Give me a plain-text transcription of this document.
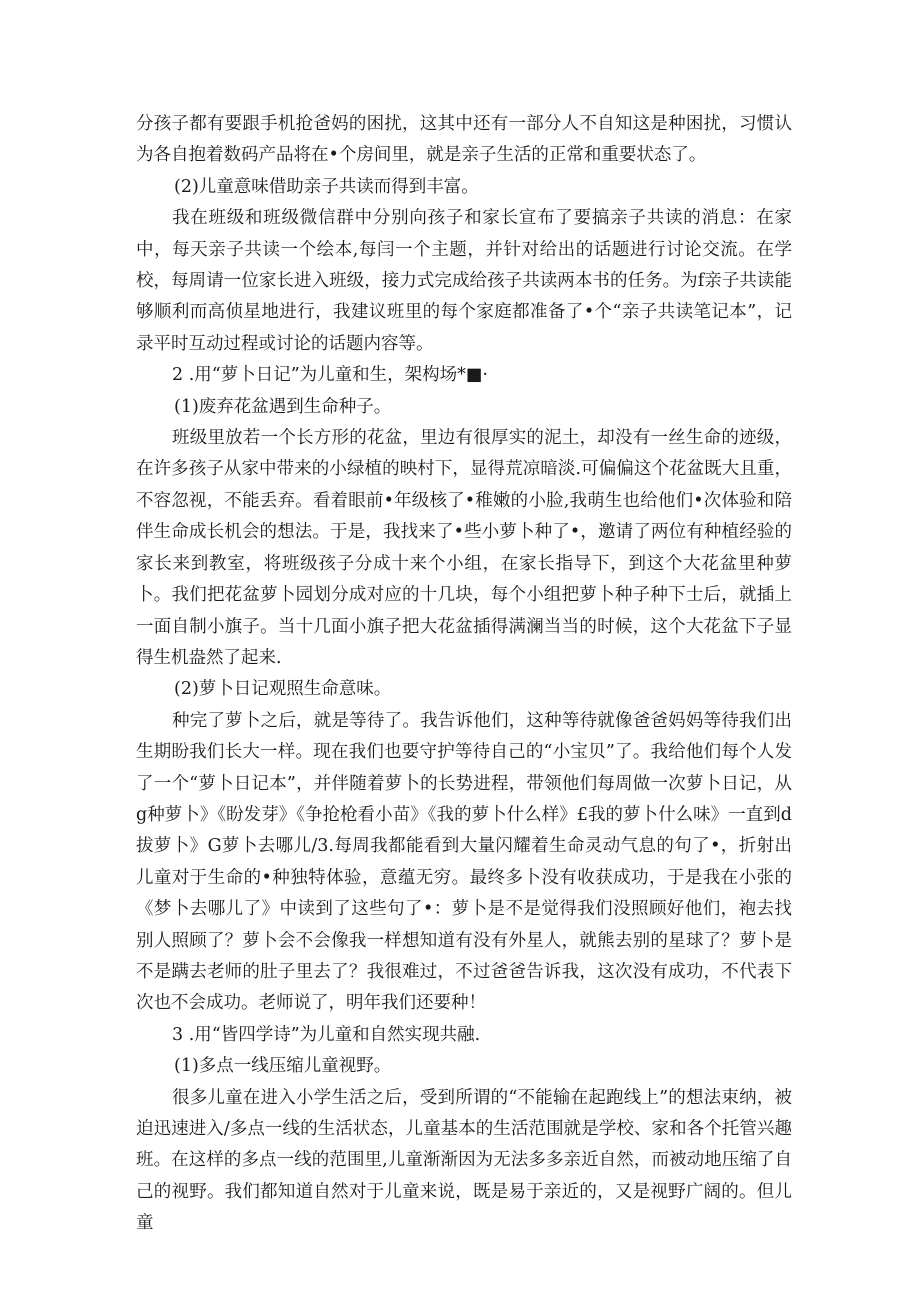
分孩子都有要跟手机抢爸妈的困扰，这其中还有一部分人不自知这是种困扰，习惯认为各自抱着数码产品将在•个房间里，就是亲子生活的正常和重要状态了。

(2)儿童意味借助亲子共读而得到丰富。

我在班级和班级微信群中分别向孩子和家长宣布了要搞亲子共读的消息：在家中，每天亲子共读一个绘本,每闫一个主题，并针对给出的话题进行讨论交流。在学校，每周请一位家长进入班级，接力式完成给孩子共读两本书的任务。为f亲子共读能够顺利而高侦星地进行，我建议班里的每个家庭都准备了•个“亲子共读笔记本”，记录平时互动过程或讨论的话题内容等。

2 .用“萝卜日记”为儿童和生，架构场*■·

(1)废弃花盆遇到生命种子。

班级里放若一个长方形的花盆，里边有很厚实的泥土，却没有一丝生命的迹级，在许多孩子从家中带来的小绿植的映村下，显得荒凉暗淡.可偏偏这个花盆既大且重，不容忽视，不能丢弃。看着眼前•年级核了•稚嫩的小脸,我萌生也给他们•次体验和陪伴生命成长机会的想法。于是，我找来了•些小萝卜种了•，邀请了两位有种植经验的家长来到教室，将班级孩子分成十来个小组，在家长指导下，到这个大花盆里种萝卜。我们把花盆萝卜园划分成对应的十几块，每个小组把萝卜种子种下士后，就插上一面自制小旗子。当十几面小旗子把大花盆插得满澜当当的时候，这个大花盆下子显得生机盎然了起来.

(2)萝卜日记观照生命意味。

种完了萝卜之后，就是等待了。我告诉他们，这种等待就像爸爸妈妈等待我们出生期盼我们长大一样。现在我们也要守护等待自己的“小宝贝”了。我给他们每个人发了一个“萝卜日记本”，并伴随着萝卜的长势进程，带领他们每周做一次萝卜日记，从g种萝卜》《盼发芽》《争抢枪看小苗》《我的萝卜什么样》£我的萝卜什么味》一直到d拔萝卜》G萝卜去哪儿/3.每周我都能看到大量闪耀着生命灵动气息的句了•，折射出儿童对于生命的•种独特体验，意蕴无穷。最终多卜没有收获成功，于是我在小张的《梦卜去哪儿了》中读到了这些句了•：萝卜是不是觉得我们没照顾好他们，袍去找别人照顾了？萝卜会不会像我一样想知道有没有外星人，就熊去别的星球了？萝卜是不是蹒去老师的肚子里去了？我很难过，不过爸爸告诉我，这次没有成功，不代表下次也不会成功。老师说了，明年我们还要种！

3 .用“皆四学诗”为儿童和自然实现共融.

(1)多点一线压缩儿童视野。

很多儿童在进入小学生活之后，受到所谓的“不能输在起跑线上”的想法束纳，被迫迅速进入/多点一线的生活状态，儿童基本的生活范围就是学校、家和各个托管兴趣班。在这样的多点一线的范围里,儿童渐渐因为无法多多亲近自然，而被动地压缩了自己的视野。我们都知道自然对于儿童来说，既是易于亲近的，又是视野广阔的。但儿童
